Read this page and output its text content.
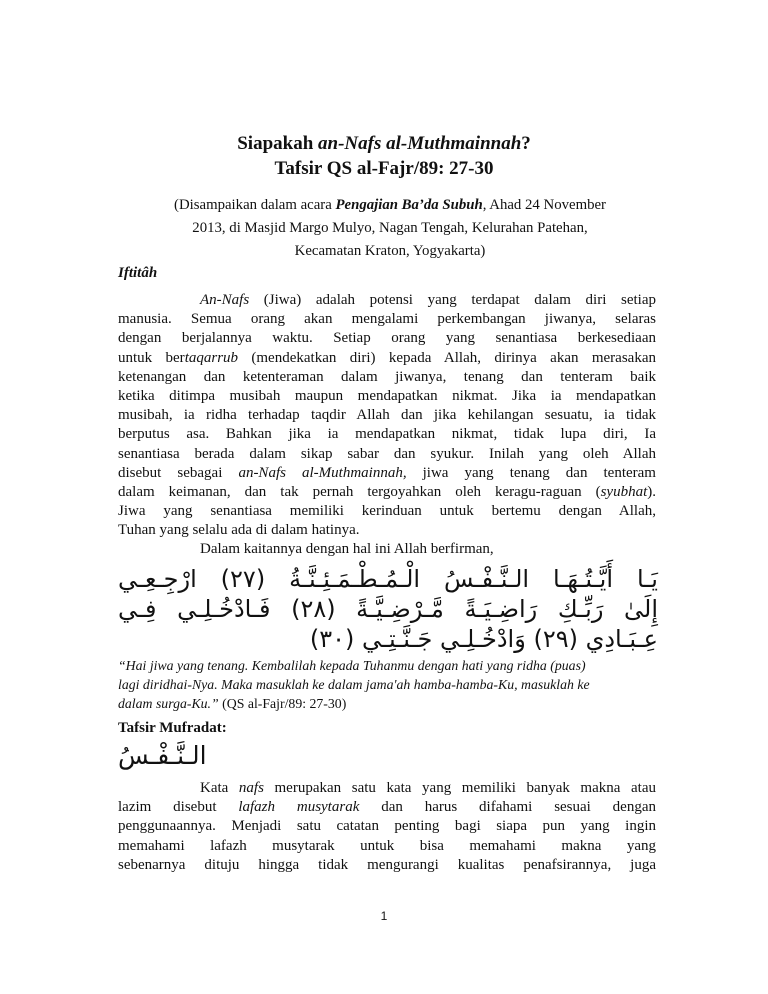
Siapakah an-Nafs al-Muthmainnah?
Tafsir QS al-Fajr/89: 27-30
(Disampaikan dalam acara Pengajian Ba’da Subuh, Ahad 24 November
2013, di Masjid Margo Mulyo, Nagan Tengah, Kelurahan Patehan,
Kecamatan Kraton, Yogyakarta)
Iftitâh
An-Nafs (Jiwa) adalah potensi yang terdapat dalam diri setiap
manusia. Semua orang akan mengalami perkembangan jiwanya, selaras
dengan berjalannya waktu. Setiap orang yang senantiasa berkesediaan
untuk bertaqarrub (mendekatkan diri) kepada Allah, dirinya akan merasakan
ketenangan dan ketenteraman dalam jiwanya, tenang dan tenteram baik
ketika ditimpa musibah maupun mendapatkan nikmat. Jika ia mendapatkan
musibah, ia ridha terhadap taqdir Allah dan jika kehilangan sesuatu, ia tidak
berputus asa. Bahkan jika ia mendapatkan nikmat, tidak lupa diri, Ia
senantiasa berada dalam sikap sabar dan syukur. Inilah yang oleh Allah
disebut sebagai an-Nafs al-Muthmainnah, jiwa yang tenang dan tenteram
dalam keimanan, dan tak pernah tergoyahkan oleh keragu-raguan (syubhat).
Jiwa yang senantiasa memiliki kerinduan untuk bertemu dengan Allah,
Tuhan yang selalu ada di dalam hatinya.
Dalam kaitannya dengan hal ini Allah berfirman,
يَـا أَيَّـتُـهَـا الـنَّـفْـسُ الْـمُـطْـمَـئِـنَّـةُ (٢٧) ارْجِـعِـي
إِلَىٰ رَبِّـكِ رَاضِـيَـةً مَّـرْضِـيَّـةً (٢٨) فَـادْخُـلِـي فِـي
عِـبَـادِي (٢٩) وَادْخُـلِـي جَـنَّـتِـي (٣٠)
“Hai jiwa yang tenang. Kembalilah kepada Tuhanmu dengan hati yang ridha (puas)
lagi diridhai-Nya. Maka masuklah ke dalam jama'ah hamba-hamba-Ku, masuklah ke
dalam surga-Ku.” (QS al-Fajr/89: 27-30)
Tafsir Mufradat:
الـنَّـفْـسُ
Kata nafs merupakan satu kata yang memiliki banyak makna atau
lazim disebut lafazh musytarak dan harus difahami sesuai dengan
penggunaannya. Menjadi satu catatan penting bagi siapa pun yang ingin
memahami lafazh musytarak untuk bisa memahami makna yang
sebenarnya dituju hingga tidak mengurangi kualitas penafsirannya, juga
1
